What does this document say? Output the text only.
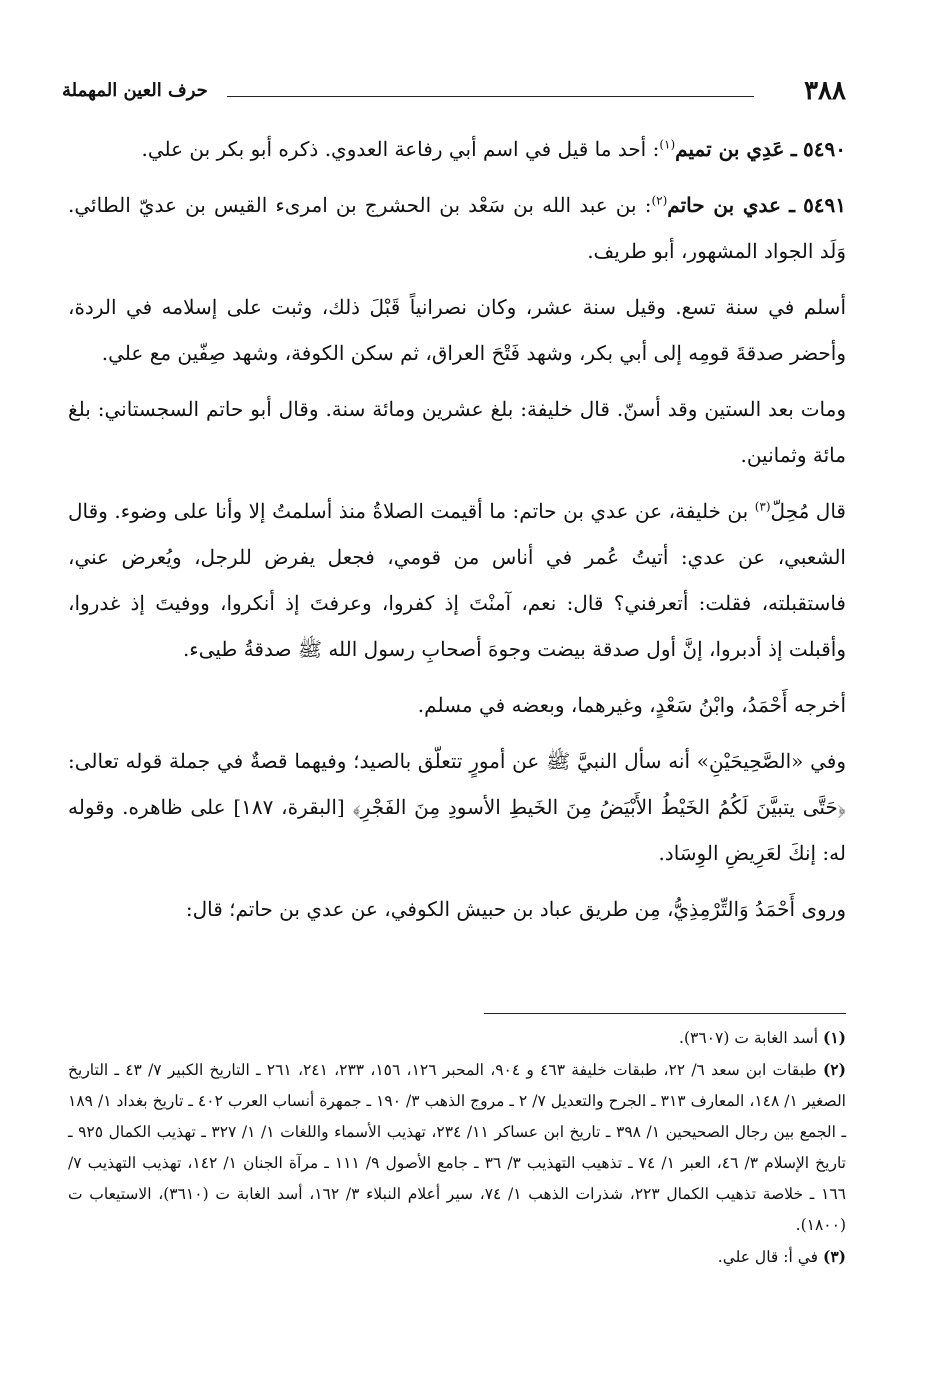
٣٨٨
حرف العين المهملة

٥٤٩٠ ـ عَدِي بن تميم$^{(١)}$: أحد ما قيل في اسم أبي رفاعة العدوي. ذكره أبو بكر بن علي.

٥٤٩١ ـ عدي بن حاتم$^{(٢)}$: بن عبد الله بن سَعْد بن الحشرج بن امرىء القيس بن عديّ الطائي. وَلَد الجواد المشهور، أبو طريف.

أسلم في سنة تسع. وقيل سنة عشر، وكان نصرانياً قَبْلَ ذلك، وثبت على إسلامه في الردة، وأحضر صدقةَ قومِه إلى أبي بكر، وشهد فَتْحَ العراق، ثم سكن الكوفة، وشهد صِفّين مع علي.

ومات بعد الستين وقد أسنّ. قال خليفة: بلغ عشرين ومائة سنة. وقال أبو حاتم السجستاني: بلغ مائة وثمانين.

قال مُحِلّ$^{(٣)}$ بن خليفة، عن عدي بن حاتم: ما أقيمت الصلاةُ منذ أسلمتُ إلا وأنا على وضوء. وقال الشعبي، عن عدي: أتيتُ عُمر في أناس من قومي، فجعل يفرض للرجل، ويُعرض عني، فاستقبلته، فقلت: أتعرفني؟ قال: نعم، آمنْتَ إذ كفروا، وعرفتَ إذ أنكروا، ووفيتَ إذ غدروا، وأقبلت إذ أدبروا، إنَّ أول صدقة بيضت وجوهَ أصحابِ رسول الله ﷺ صدقةُ طيىء.

أخرجه أَحْمَدُ، وابْنُ سَعْدٍ، وغيرهما، وبعضه في مسلم.

وفي «الصَّحِيحَيْنِ» أنه سأل النبيَّ ﷺ عن أمورٍ تتعلّق بالصيد؛ وفيهما قصةٌ في جملة قوله تعالى: ﴿حَتَّى يتبيَّنَ لَكُمُ الخَيْطُ الأَبْيَضُ مِنَ الخَيطِ الأسودِ مِنَ الفَجْرِ﴾ [البقرة، ١٨٧] على ظاهره. وقوله له: إنكَ لعَرِيضِ الوِسَاد.

وروى أَحْمَدُ وَالتِّرْمِذِيُّ، مِن طريق عباد بن حبيش الكوفي، عن عدي بن حاتم؛ قال:

(١) أسد الغابة ت (٣٦٠٧).

(٢) طبقات ابن سعد ٦/ ٢٢، طبقات خليفة ٤٦٣ و ٩٠٤، المحبر ١٢٦، ١٥٦، ٢٣٣، ٢٤١، ٢٦١ ـ التاريخ الكبير ٧/ ٤٣ ـ التاريخ الصغير ١/ ١٤٨، المعارف ٣١٣ ـ الجرح والتعديل ٧/ ٢ ـ مروج الذهب ٣/ ١٩٠ ـ جمهرة أنساب العرب ٤٠٢ ـ تاريخ بغداد ١/ ١٨٩ ـ الجمع بين رجال الصحيحين ١/ ٣٩٨ ـ تاريخ ابن عساكر ١١/ ٢٣٤، تهذيب الأسماء واللغات ١/ ١/ ٣٢٧ ـ تهذيب الكمال ٩٢٥ ـ تاريخ الإسلام ٣/ ٤٦، العبر ١/ ٧٤ ـ تذهيب التهذيب ٣/ ٣٦ ـ جامع الأصول ٩/ ١١١ ـ مرآة الجنان ١/ ١٤٢، تهذيب التهذيب ٧/ ١٦٦ ـ خلاصة تذهيب الكمال ٢٢٣، شذرات الذهب ١/ ٧٤، سير أعلام النبلاء ٣/ ١٦٢، أسد الغابة ت (٣٦١٠)، الاستيعاب ت (١٨٠٠).

(٣) في أ: قال علي.
